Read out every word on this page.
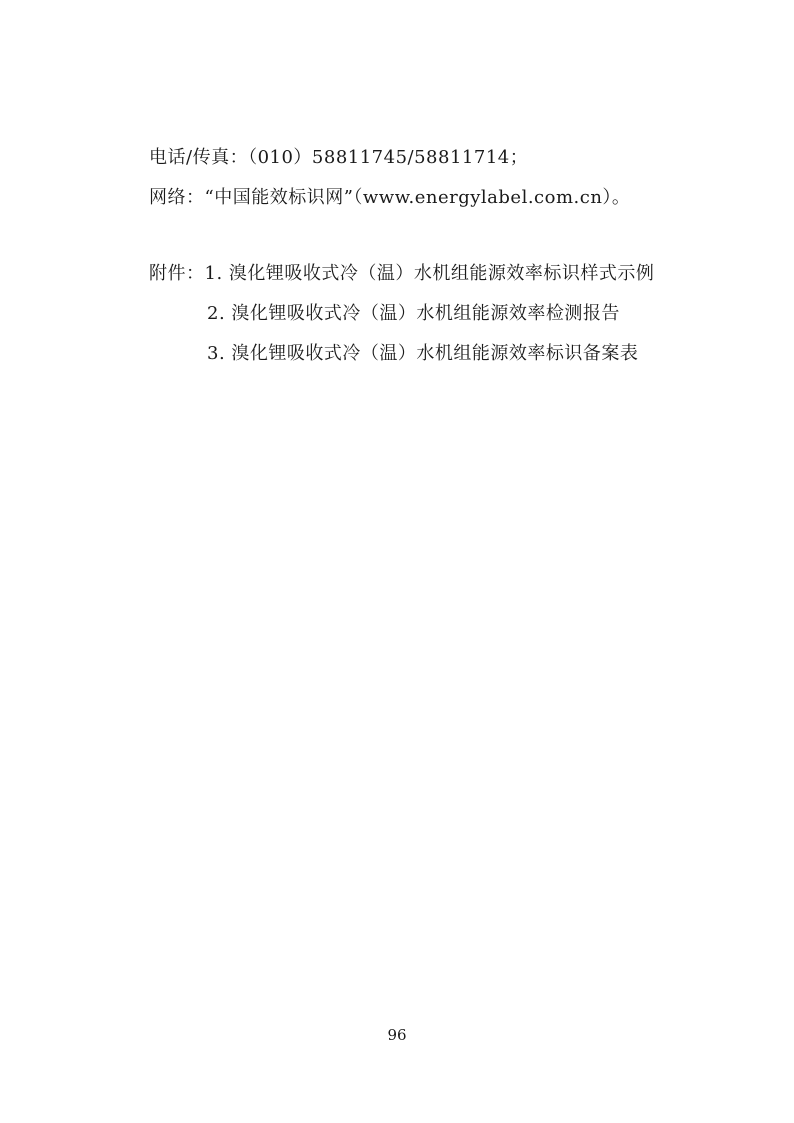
电话/传真：（010）58811745/58811714；
网络：“中国能效标识网”（www.energylabel.com.cn）。
附件：1. 溴化锂吸收式冷（温）水机组能源效率标识样式示例
2. 溴化锂吸收式冷（温）水机组能源效率检测报告
3. 溴化锂吸收式冷（温）水机组能源效率标识备案表
96
